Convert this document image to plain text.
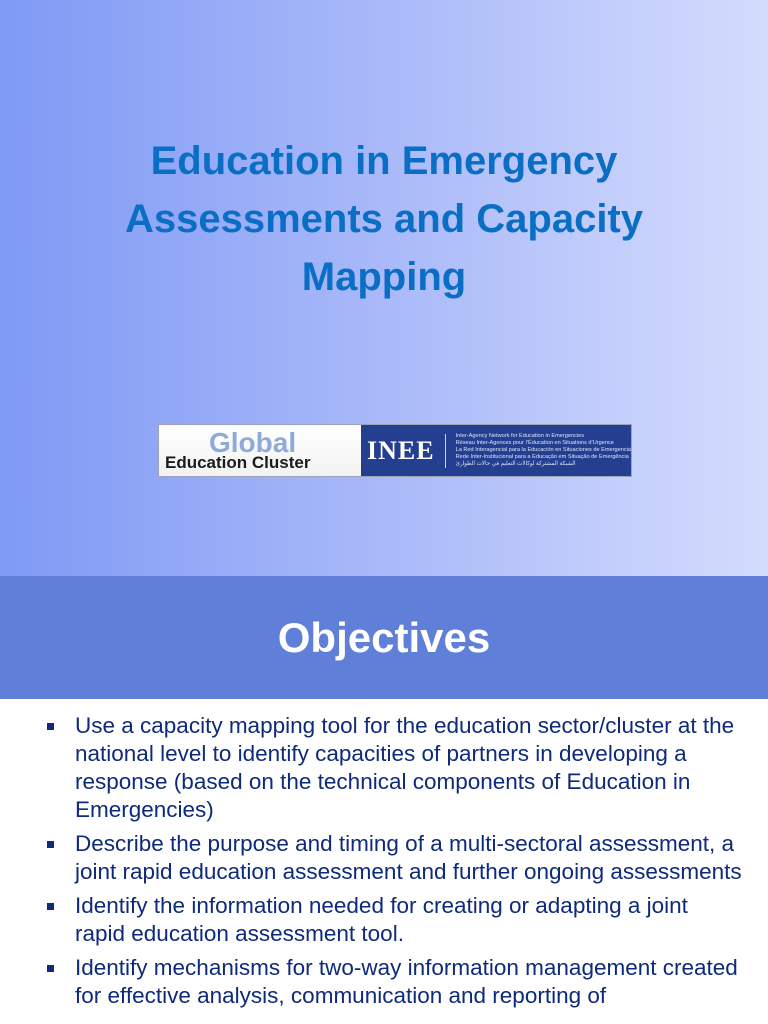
Education in Emergency Assessments and Capacity Mapping
Global
Education Cluster INEE	Inter-Agency Network for Education in Emergencies
Réseau Inter-Agences pour l’Éducation en Situations d’Urgence
La Red Interagencial para la Educación en Situaciones de Emergencia
Rede Inter-Institucional para a Educação em Situação de Emergência
الشبكة المشتركة لوكالات التعليم في حالات الطوارئ
Objectives
Use a capacity mapping tool for the education sector/cluster at the national level to identify capacities of partners in developing a response (based on the technical components of Education in Emergencies)
Describe the purpose and timing of a multi-sectoral assessment, a joint rapid education assessment and further ongoing assessments
Identify the information needed for creating or adapting a joint rapid education assessment tool.
Identify mechanisms for two-way information management created for effective analysis, communication and reporting of
